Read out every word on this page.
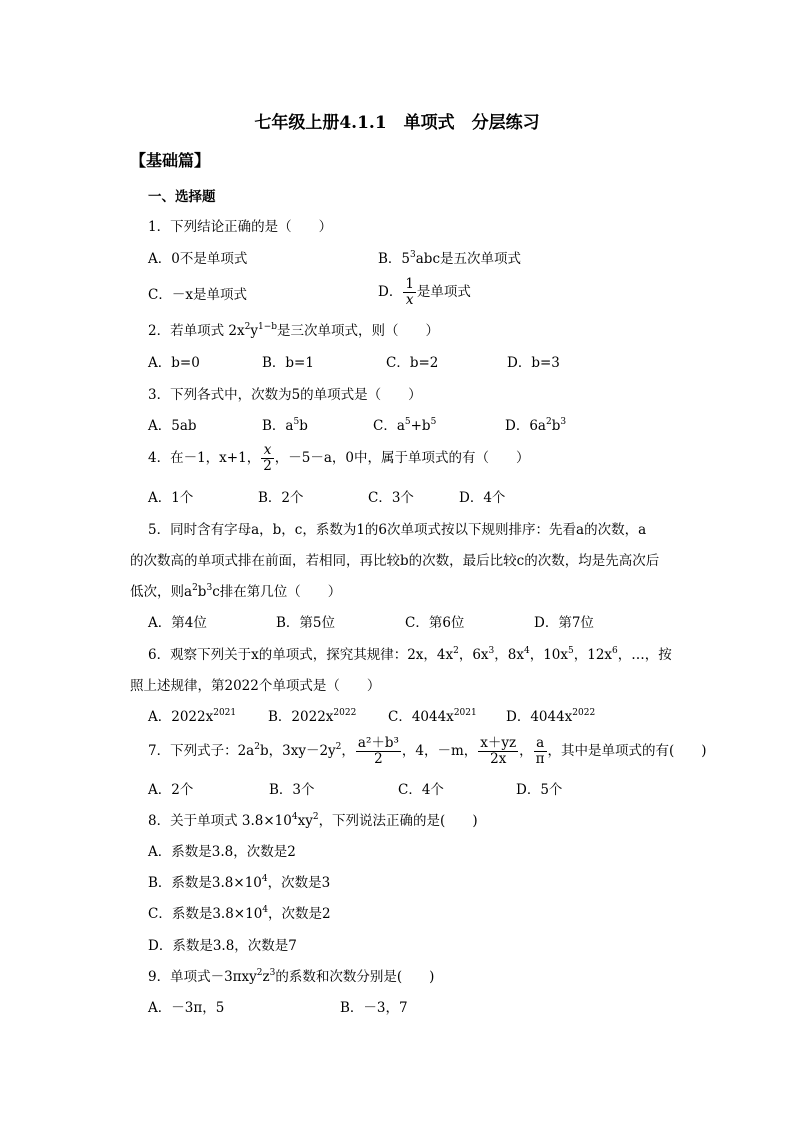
七年级上册4.1.1　单项式　分层练习
【基础篇】
一、选择题
1．下列结论正确的是（　　）
A．0不是单项式	B．$5^3abc$是五次单项式
C．－x是单项式	D． $\frac{1}{x}$ 是单项式
2．若单项式 $2x^2y^{1-b}$是三次单项式，则（　　）
A．b=0	B．b=1	C．b=2	D．b=3
3．下列各式中，次数为5的单项式是（　　）
A．5ab	B．$a^5b$	C．$a^5+b^5$	D．$6a^2b^3$
4．在－1，x+1， $\frac{x}{2}$ ，－5－a，0中，属于单项式的有（　　）
A．1个	B．2个	C．3个	D．4个
5．同时含有字母a，b，c，系数为1的6次单项式按以下规则排序：先看a的次数，a
的次数高的单项式排在前面，若相同，再比较b的次数，最后比较c的次数，均是先高次后
低次，则$a^2b^3c$排在第几位（　　）
A．第4位	B．第5位	C．第6位	D．第7位
6．观察下列关于x的单项式，探究其规律：2x，$4x^2$，$6x^3$，$8x^4$，$10x^5$，$12x^6$，…，按
照上述规律，第2022个单项式是（　　）
A．$2022x^{2021}$ B．$2022x^{2022}$ C．$4044x^{2021}$ D．$4044x^{2022}$
7．下列式子：$2a^2b$，$3xy-2y^2$， $\frac{\text{a²＋b³}}{2}$ ，4，－m， $\frac{x+yz}{2x}$ ， $\frac{a}{\pi}$ ，其中是单项式的有(　　)
A．2个	B．3个	C．4个	D．5个
8．关于单项式 $3.8\times 10^4xy^2$，下列说法正确的是(　　)
A．系数是3.8，次数是2
B．系数是$3.8\times 10^4$，次数是3
C．系数是$3.8\times 10^4$，次数是2
D．系数是3.8，次数是7
9．单项式$-3\pi xy^2z^3$的系数和次数分别是(　　)
A．－3π，5	B．－3，7
